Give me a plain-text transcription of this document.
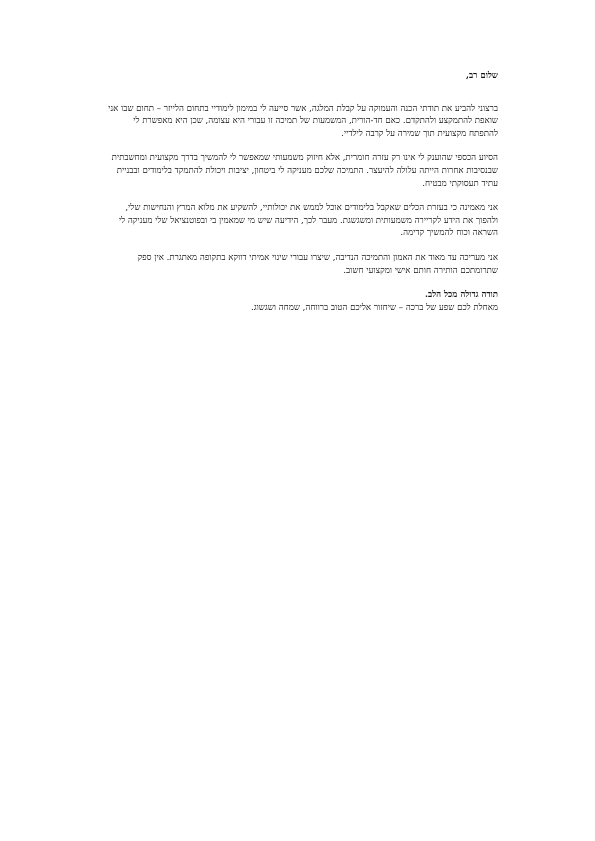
שלום רב,

ברצוני להביע את תודתי הכנה והעמוקה על קבלת המלגה, אשר סייעה לי במימון לימודיי בתחום הלייזר – תחום שבו אני שואפת להתמקצע ולהתקדם. כאם חד-הורית, המשמעות של תמיכה זו עבורי היא עצומה, שכן היא מאפשרת לי להתפתח מקצועית תוך שמירה על קרבה לילדיי.

הסיוע הכספי שהוענק לי אינו רק עזרה חומרית, אלא חיזוק משמעותי שמאפשר לי להמשיך בדרך מקצועית ומחשבתית שבנסיבות אחרות הייתה עלולה להיעצר. התמיכה שלכם מעניקה לי ביטחון, יציבות ויכולת להתמקד בלימודים ובבניית עתיד תעסוקתי מבטיח.

אני מאמינה כי בעזרת הכלים שאקבל בלימודים אוכל לממש את יכולותיי, להשקיע את מלוא המרץ והנחישות שלי, ולהפוך את הידע לקריירה משמעותית ומשגשגת. מעבר לכך, הידיעה שיש מי שמאמין בי ובפוטנציאל שלי מעניקה לי השראה וכוח להמשיך קדימה.

אני מעריכה עד מאוד את האמון והתמיכה הנדיבה, שיצרו עבורי שינוי אמיתי דווקא בתקופה מאתגרת. אין ספק שתרומתכם הותירה חותם אישי ומקצועי חשוב.

תודה גדולה מכל הלב.

מאחלת לכם שפע של ברכה – שיחזור אליכם הטוב ברווחה, שמחה ושגשוג.
